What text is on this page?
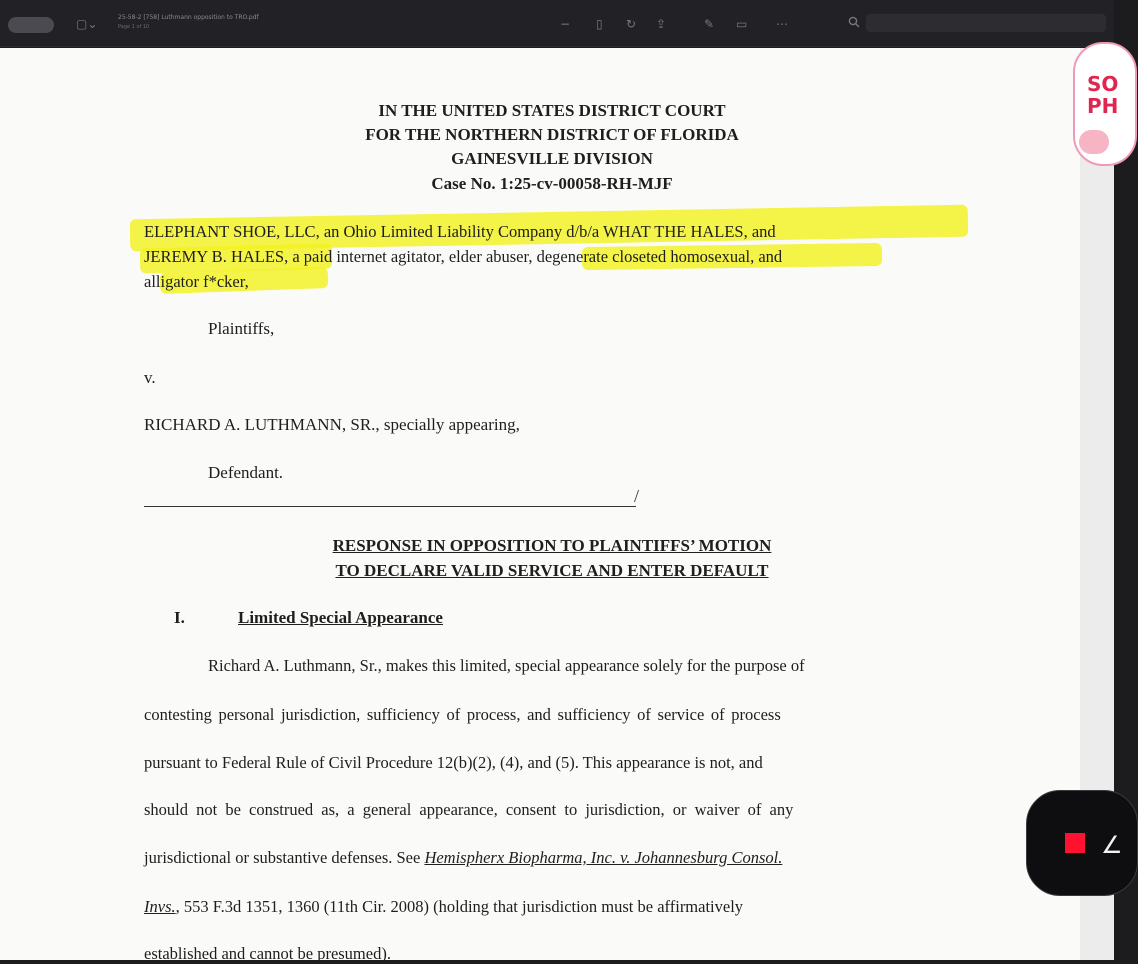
▢⌄	25-58-2 [758] Luthmann opposition to TRO.pdf
Page 1 of 10	− ▯ ↻ ⇪	✎ ▭ ⋯
IN THE UNITED STATES DISTRICT COURT
FOR THE NORTHERN DISTRICT OF FLORIDA
GAINESVILLE DIVISION
Case No. 1:25-cv-00058-RH-MJF
ELEPHANT SHOE, LLC, an Ohio Limited Liability Company d/b/a WHAT THE HALES, and
JEREMY B. HALES, a paid internet agitator, elder abuser, degenerate closeted homosexual, and
alligator f*cker,
Plaintiffs,
v.
RICHARD A. LUTHMANN, SR., specially appearing,
Defendant.
RESPONSE IN OPPOSITION TO PLAINTIFFS’ MOTION
TO DECLARE VALID SERVICE AND ENTER DEFAULT
I.	Limited Special Appearance
Richard A. Luthmann, Sr., makes this limited, special appearance solely for the purpose of
contesting personal jurisdiction, sufficiency of process, and sufficiency of service of process
pursuant to Federal Rule of Civil Procedure 12(b)(2), (4), and (5). This appearance is not, and
should not be construed as, a general appearance, consent to jurisdiction, or waiver of any
jurisdictional or substantive defenses. See Hemispherx Biopharma, Inc. v. Johannesburg Consol.
Invs., 553 F.3d 1351, 1360 (11th Cir. 2008) (holding that jurisdiction must be affirmatively
established and cannot be presumed).
/
SO
PH
∠
